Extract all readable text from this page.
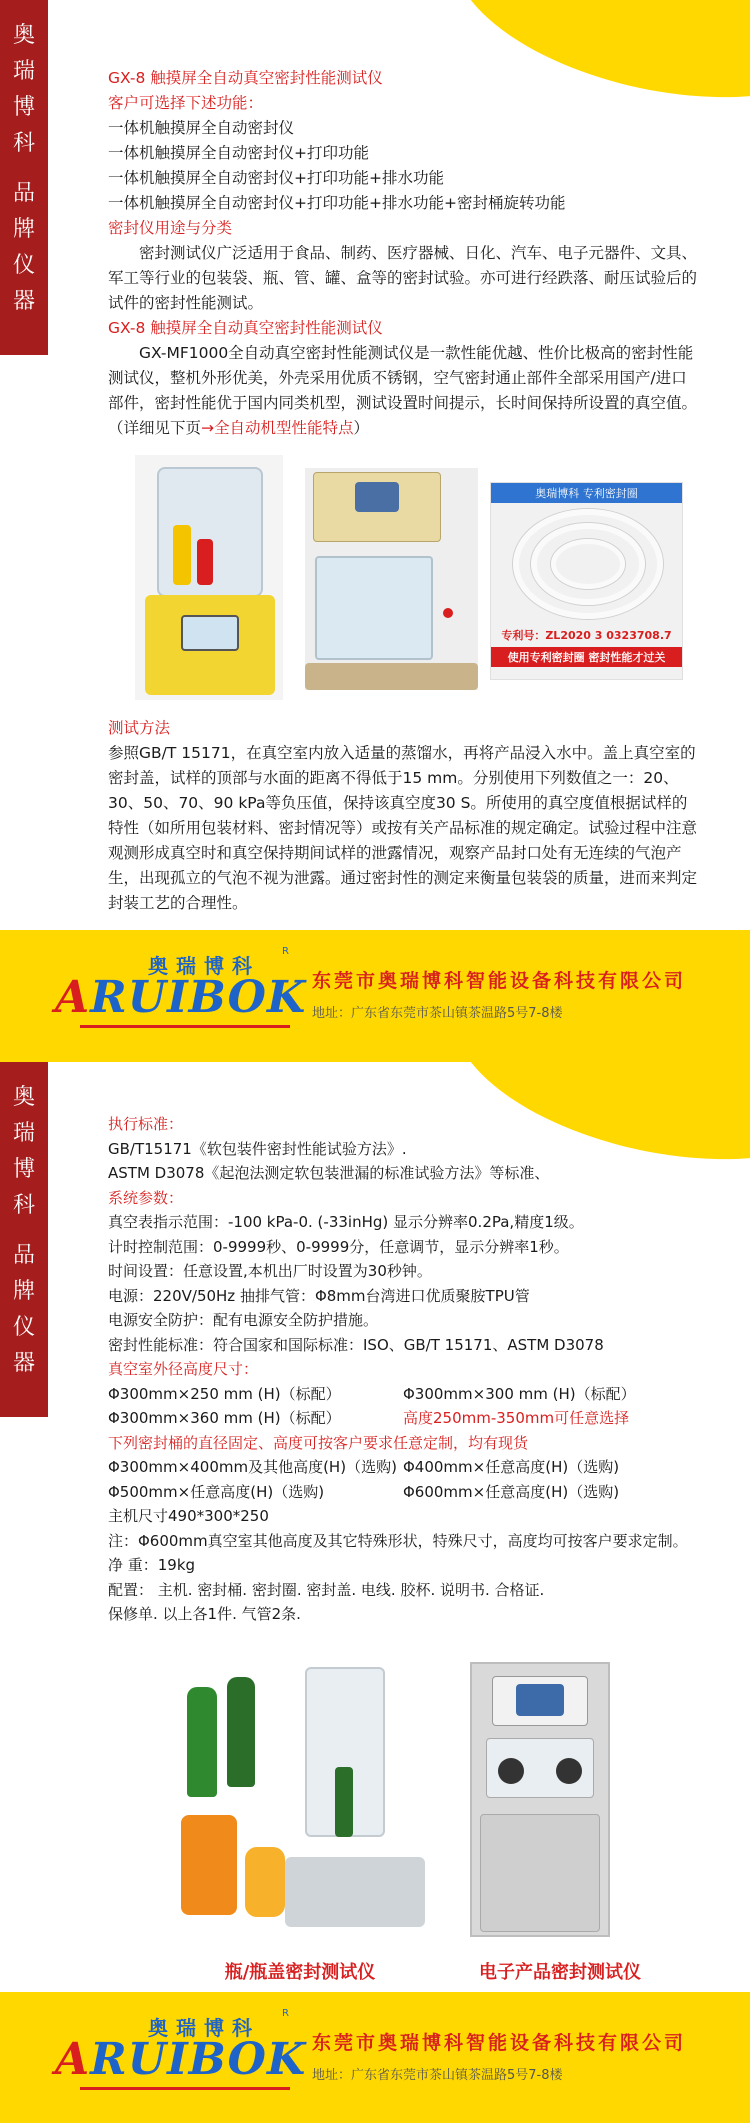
奥
瑞
博
科
品
牌
仪
器
GX-8 触摸屏全自动真空密封性能测试仪
客户可选择下述功能：
一体机触摸屏全自动密封仪
一体机触摸屏全自动密封仪+打印功能
一体机触摸屏全自动密封仪+打印功能+排水功能
一体机触摸屏全自动密封仪+打印功能+排水功能+密封桶旋转功能
密封仪用途与分类
密封测试仪广泛适用于食品、制药、医疗器械、日化、汽车、电子元器件、文具、军工等行业的包装袋、瓶、管、罐、盒等的密封试验。亦可进行经跌落、耐压试验后的试件的密封性能测试。
GX-8 触摸屏全自动真空密封性能测试仪
GX-MF1000全自动真空密封性能测试仪是一款性能优越、性价比极高的密封性能测试仪，整机外形优美，外壳采用优质不锈钢，空气密封通止部件全部采用国产/进口部件，密封性能优于国内同类机型，测试设置时间提示，长时间保持所设置的真空值。（详细见下页→全自动机型性能特点）
奥瑞博科 专利密封圈
专利号：ZL2020 3 0323708.7
使用专利密封圈 密封性能才过关
测试方法
参照GB/T 15171，在真空室内放入适量的蒸馏水，再将产品浸入水中。盖上真空室的密封盖，试样的顶部与水面的距离不得低于15 mm。分别使用下列数值之一：20、30、50、70、90 kPa等负压值，保持该真空度30 S。所使用的真空度值根据试样的特性（如所用包装材料、密封情况等）或按有关产品标准的规定确定。试验过程中注意观测形成真空时和真空保持期间试样的泄露情况，观察产品封口处有无连续的气泡产生，出现孤立的气泡不视为泄露。通过密封性的测定来衡量包装袋的质量，进而来判定封装工艺的合理性。
奥瑞博科
R
ARUIBOK 东莞市奥瑞博科智能设备科技有限公司
地址：广东省东莞市茶山镇茶温路5号7-8楼
奥
瑞
博
科
品
牌
仪
器
执行标准：
GB/T15171《软包装件密封性能试验方法》.
ASTM D3078《起泡法测定软包装泄漏的标准试验方法》等标准、
系统参数：
真空表指示范围：-100 kPa-0. (-33inHg) 显示分辨率0.2Pa,精度1级。
计时控制范围：0-9999秒、0-9999分，任意调节，显示分辨率1秒。
时间设置：任意设置,本机出厂时设置为30秒钟。
电源：220V/50Hz 抽排气管：Φ8mm台湾进口优质聚胺TPU管
电源安全防护：配有电源安全防护措施。
密封性能标准：符合国家和国际标准：ISO、GB/T 15171、ASTM D3078
真空室外径高度尺寸：
Φ300mm×250 mm (H)（标配）	Φ300mm×300 mm (H)（标配）
Φ300mm×360 mm (H)（标配）	高度250mm-350mm可任意选择
下列密封桶的直径固定、高度可按客户要求任意定制，均有现货
Φ300mm×400mm及其他高度(H)（选购) Φ400mm×任意高度(H)（选购)
Φ500mm×任意高度(H)（选购)	Φ600mm×任意高度(H)（选购)
主机尺寸490*300*250
注：Φ600mm真空室其他高度及其它特殊形状，特殊尺寸，高度均可按客户要求定制。
净 重：19kg
配置： 主机. 密封桶. 密封圈. 密封盖. 电线. 胶杯. 说明书. 合格证.
保修单. 以上各1件. 气管2条.
瓶/瓶盖密封测试仪	电子产品密封测试仪
奥瑞博科
R
ARUIBOK 东莞市奥瑞博科智能设备科技有限公司
地址：广东省东莞市茶山镇茶温路5号7-8楼
